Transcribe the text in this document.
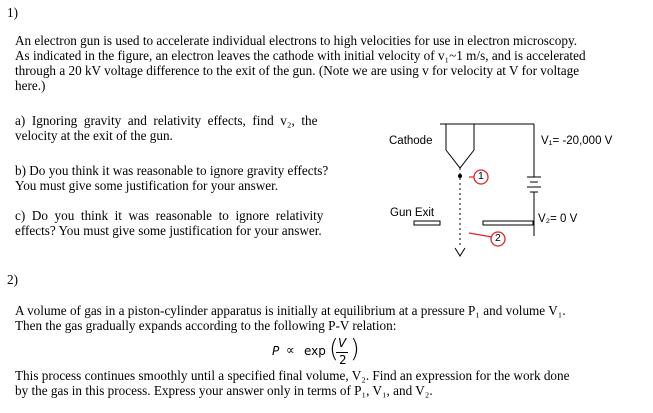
1)
An electron gun is used to accelerate individual electrons to high velocities for use in electron microscopy.
As indicated in the figure, an electron leaves the cathode with initial velocity of v₁~1 m/s, and is accelerated
through a 20 kV voltage difference to the exit of the gun. (Note we are using v for velocity at V for voltage
here.)
a)  Ignoring  gravity  and  relativity  effects,  find  v₂,  the
velocity at the exit of the gun.
b) Do you think it was reasonable to ignore gravity effects?
You must give some justification for your answer.
c)  Do  you  think  it  was  reasonable  to  ignore  relativity
effects? You must give some justification for your answer.
Cathode
Gun Exit
V₁= -20,000 V
V₂= 0 V
1
2
2)
A volume of gas in a piston-cylinder apparatus is initially at equilibrium at a pressure P₁ and volume V₁.
Then the gas gradually expands according to the following P-V relation:
P ∝ exp ( V
2 )
This process continues smoothly until a specified final volume, V₂. Find an expression for the work done
by the gas in this process. Express your answer only in terms of P₁, V₁, and V₂.
